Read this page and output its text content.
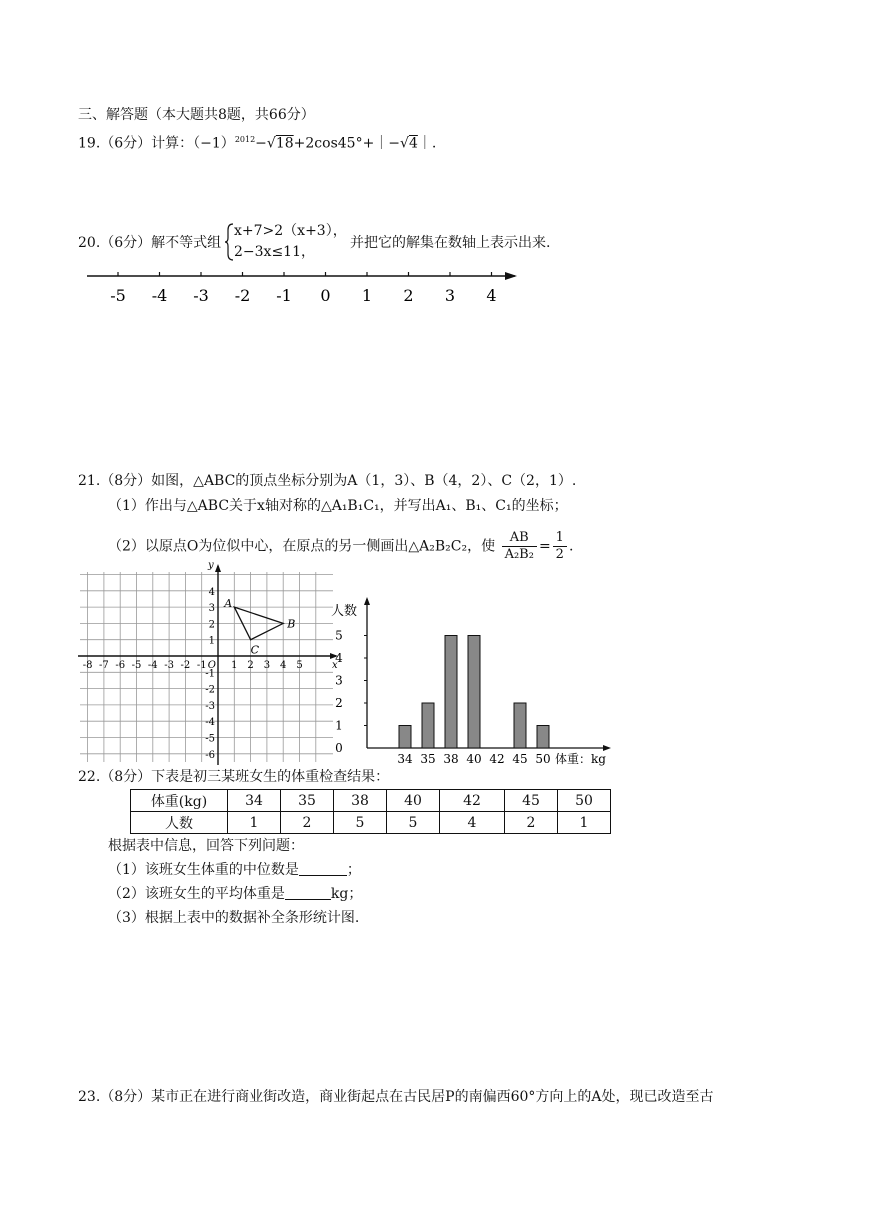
三、解答题（本大题共8题，共66分）
19.（6分）计算：$(-1)^{2012}-√18+2\cos 45^\circ+|-√4|$.
20.（6分）解不等式组
x+7>2（x+3），
2−3x≤11，
并把它的解集在数轴上表示出来.
-5 -4 -3 -2 -1 0 1 2 3 4
21.（8分）如图，△ABC的顶点坐标分别为A（1，3）、B（4，2）、C（2，1）.
（1）作出与△ABC关于x轴对称的△A₁B₁C₁，并写出A₁、B₁、C₁的坐标；
（2）以原点O为位似中心，在原点的另一侧画出△A₂B₂C₂，使 $\frac{AB}{\text{A₂B₂}} = \frac{1}{2}$ .
-8 -7 -6 -5 -4 -3 -2 -1 1 2 3 4 5
4
3
2
1
-1
-2
-3
-4
-5
-6
O	x
y
A
B
C
0
1
2
3
4
5
人数
34 35 38 40 42 45 50 体重：kg
22.（8分）下表是初三某班女生的体重检查结果：
体重(kg)	34	35	38	40	42	45	50
人数	1	2	5	5	4	2	1
根据表中信息，回答下列问题：
（1）该班女生体重的中位数是	；
（2）该班女生的平均体重是	kg；
（3）根据上表中的数据补全条形统计图.
23.（8分）某市正在进行商业街改造，商业街起点在古民居P的南偏西60°方向上的A处，现已改造至古
